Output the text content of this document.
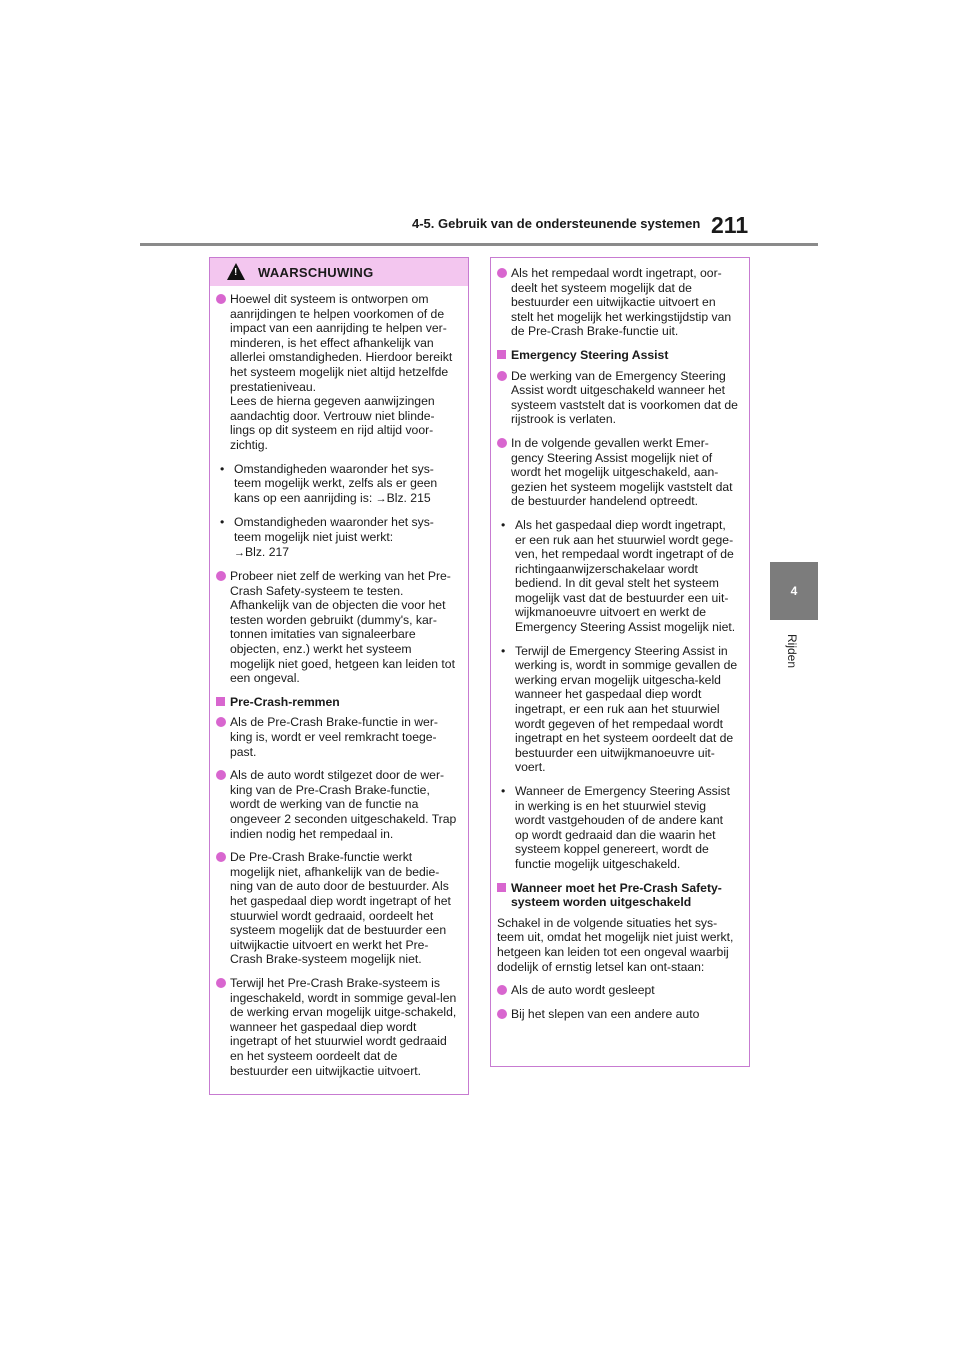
4-5. Gebruik van de ondersteunende systemen 211
4
Rijden
! WAARSCHUWING
Hoewel dit systeem is ontworpen om aanrijdingen te helpen voorkomen of de impact van een aanrijding te helpen ver-minderen, is het effect afhankelijk van allerlei omstandigheden. Hierdoor bereikt het systeem mogelijk niet altijd hetzelfde prestatieniveau.
Lees de hierna gegeven aanwijzingen aandachtig door. Vertrouw niet blinde-lings op dit systeem en rijd altijd voor-zichtig.
• Omstandigheden waaronder het sys-teem mogelijk werkt, zelfs als er geen kans op een aanrijding is: →Blz. 215
• Omstandigheden waaronder het sys-teem mogelijk niet juist werkt:
→Blz. 217
Probeer niet zelf de werking van het Pre-Crash Safety-systeem te testen. Afhankelijk van de objecten die voor het testen worden gebruikt (dummy's, kar-tonnen imitaties van signaleerbare objecten, enz.) werkt het systeem mogelijk niet goed, hetgeen kan leiden tot een ongeval.
Pre-Crash-remmen
Als de Pre-Crash Brake-functie in wer-king is, wordt er veel remkracht toege-past.
Als de auto wordt stilgezet door de wer-king van de Pre-Crash Brake-functie, wordt de werking van de functie na ongeveer 2 seconden uitgeschakeld. Trap indien nodig het rempedaal in.
De Pre-Crash Brake-functie werkt mogelijk niet, afhankelijk van de bedie-ning van de auto door de bestuurder. Als het gaspedaal diep wordt ingetrapt of het stuurwiel wordt gedraaid, oordeelt het systeem mogelijk dat de bestuurder een uitwijkactie uitvoert en werkt het Pre-Crash Brake-systeem mogelijk niet.
Terwijl het Pre-Crash Brake-systeem is ingeschakeld, wordt in sommige geval-len de werking ervan mogelijk uitge-schakeld, wanneer het gaspedaal diep wordt ingetrapt of het stuurwiel wordt gedraaid en het systeem oordeelt dat de bestuurder een uitwijkactie uitvoert.
Als het rempedaal wordt ingetrapt, oor-deelt het systeem mogelijk dat de bestuurder een uitwijkactie uitvoert en stelt het mogelijk het werkingstijdstip van de Pre-Crash Brake-functie uit.
Emergency Steering Assist
De werking van de Emergency Steering Assist wordt uitgeschakeld wanneer het systeem vaststelt dat is voorkomen dat de rijstrook is verlaten.
In de volgende gevallen werkt Emer-gency Steering Assist mogelijk niet of wordt het mogelijk uitgeschakeld, aan-gezien het systeem mogelijk vaststelt dat de bestuurder handelend optreedt.
• Als het gaspedaal diep wordt ingetrapt, er een ruk aan het stuurwiel wordt gege-ven, het rempedaal wordt ingetrapt of de richtingaanwijzerschakelaar wordt bediend. In dit geval stelt het systeem mogelijk vast dat de bestuurder een uit-wijkmanoeuvre uitvoert en werkt de Emergency Steering Assist mogelijk niet.
• Terwijl de Emergency Steering Assist in werking is, wordt in sommige gevallen de werking ervan mogelijk uitgescha-keld wanneer het gaspedaal diep wordt ingetrapt, er een ruk aan het stuurwiel wordt gegeven of het rempedaal wordt ingetrapt en het systeem oordeelt dat de bestuurder een uitwijkmanoeuvre uit-voert.
• Wanneer de Emergency Steering Assist in werking is en het stuurwiel stevig wordt vastgehouden of de andere kant op wordt gedraaid dan die waarin het systeem koppel genereert, wordt de functie mogelijk uitgeschakeld.
Wanneer moet het Pre-Crash Safety-systeem worden uitgeschakeld
Schakel in de volgende situaties het sys-teem uit, omdat het mogelijk niet juist werkt, hetgeen kan leiden tot een ongeval waarbij dodelijk of ernstig letsel kan ont-staan:
Als de auto wordt gesleept
Bij het slepen van een andere auto
